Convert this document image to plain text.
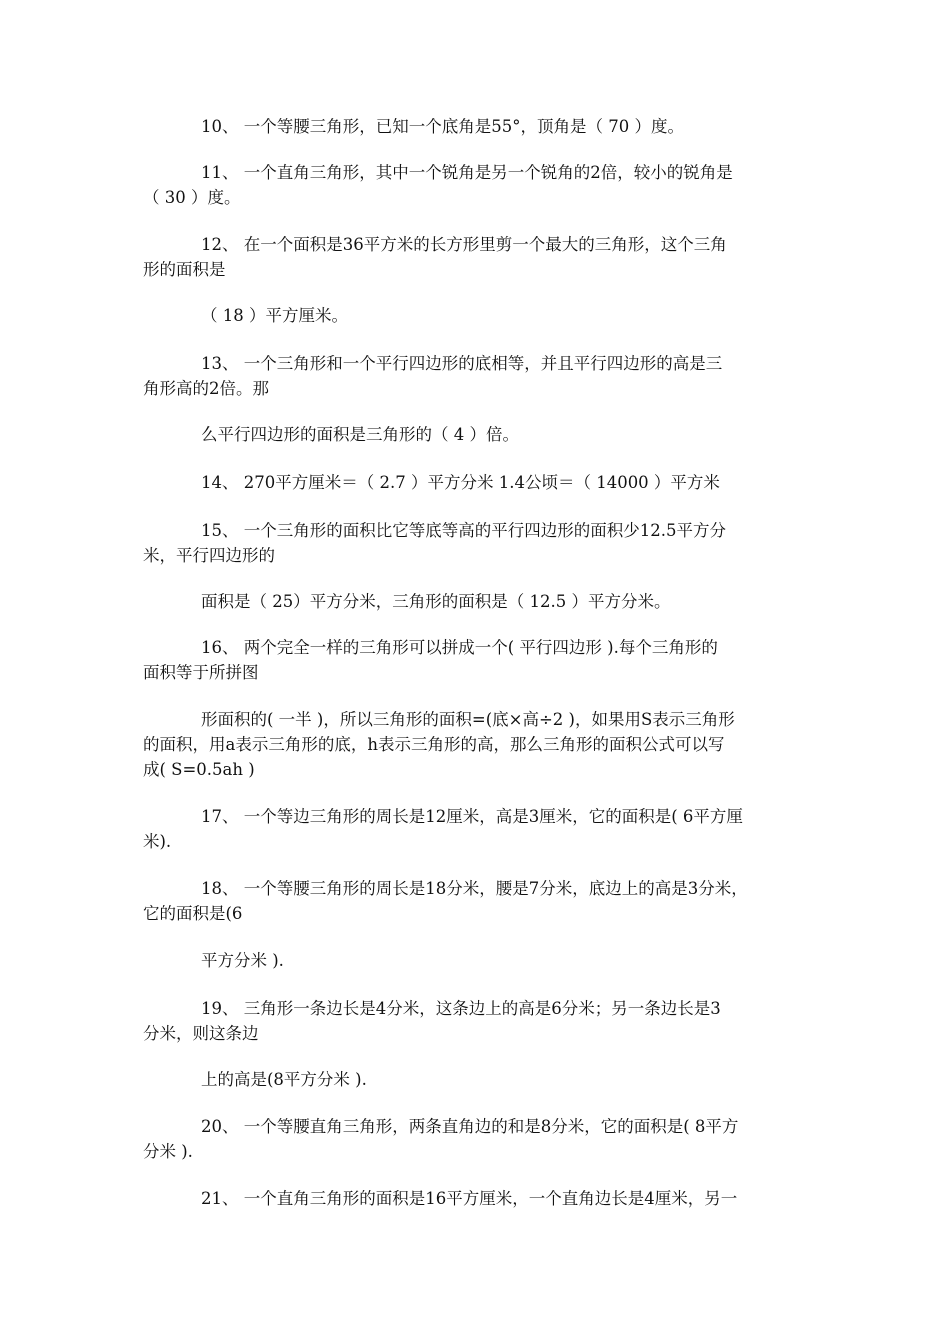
10、 一个等腰三角形，已知一个底角是55°，顶角是（ 70 ）度。
11、 一个直角三角形，其中一个锐角是另一个锐角的2倍，较小的锐角是
（ 30 ）度。
12、 在一个面积是36平方米的长方形里剪一个最大的三角形，这个三角
形的面积是
（ 18 ）平方厘米。
13、 一个三角形和一个平行四边形的底相等，并且平行四边形的高是三
角形高的2倍。那
么平行四边形的面积是三角形的（ 4 ）倍。
14、 270平方厘米＝（ 2.7 ）平方分米 1.4公顷＝（ 14000 ）平方米
15、 一个三角形的面积比它等底等高的平行四边形的面积少12.5平方分
米，平行四边形的
面积是（ 25）平方分米，三角形的面积是（ 12.5 ）平方分米。
16、 两个完全一样的三角形可以拼成一个( 平行四边形 ).每个三角形的
面积等于所拼图
形面积的( 一半 )，所以三角形的面积=(底×高÷2 )，如果用S表示三角形
的面积，用a表示三角形的底，h表示三角形的高，那么三角形的面积公式可以写
成( S=0.5ah )
17、 一个等边三角形的周长是12厘米，高是3厘米，它的面积是( 6平方厘
米).
18、 一个等腰三角形的周长是18分米，腰是7分米，底边上的高是3分米，
它的面积是(6
平方分米 ).
19、 三角形一条边长是4分米，这条边上的高是6分米；另一条边长是3
分米，则这条边
上的高是(8平方分米 ).
20、 一个等腰直角三角形，两条直角边的和是8分米，它的面积是( 8平方
分米 ).
21、 一个直角三角形的面积是16平方厘米，一个直角边长是4厘米，另一
